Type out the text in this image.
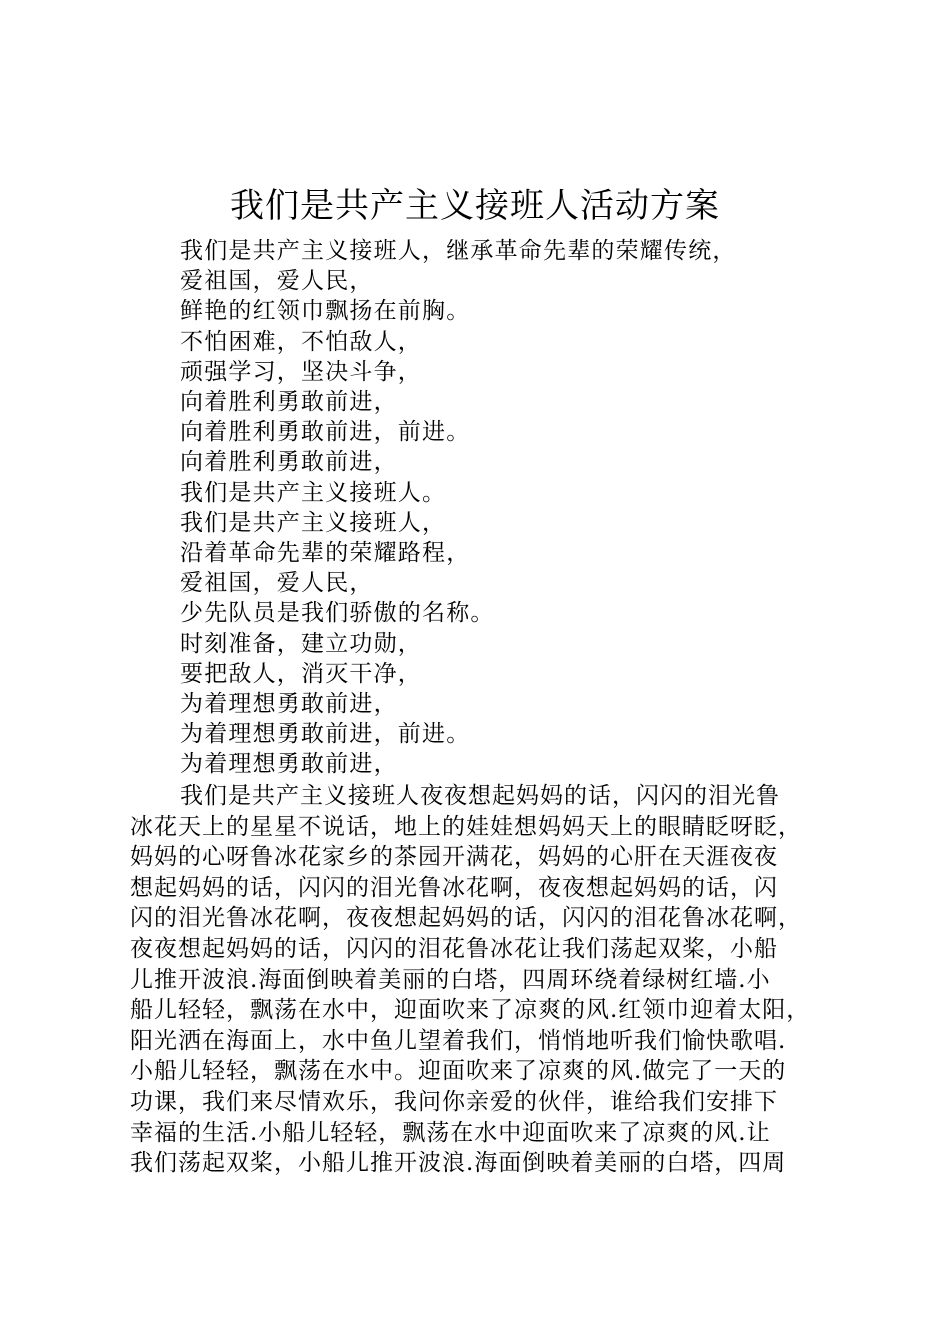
我们是共产主义接班人活动方案
我们是共产主义接班人，继承革命先辈的荣耀传统，
爱祖国，爱人民，
鲜艳的红领巾飘扬在前胸。
不怕困难，不怕敌人，
顽强学习，坚决斗争，
向着胜利勇敢前进，
向着胜利勇敢前进，前进。
向着胜利勇敢前进，
我们是共产主义接班人。
我们是共产主义接班人，
沿着革命先辈的荣耀路程，
爱祖国，爱人民，
少先队员是我们骄傲的名称。
时刻准备，建立功勋，
要把敌人，消灭干净，
为着理想勇敢前进，
为着理想勇敢前进，前进。
为着理想勇敢前进，
我们是共产主义接班人夜夜想起妈妈的话，闪闪的泪光鲁
冰花天上的星星不说话，地上的娃娃想妈妈天上的眼睛眨呀眨，
妈妈的心呀鲁冰花家乡的茶园开满花，妈妈的心肝在天涯夜夜
想起妈妈的话，闪闪的泪光鲁冰花啊，夜夜想起妈妈的话，闪
闪的泪光鲁冰花啊，夜夜想起妈妈的话，闪闪的泪花鲁冰花啊，
夜夜想起妈妈的话，闪闪的泪花鲁冰花让我们荡起双桨，小船
儿推开波浪.海面倒映着美丽的白塔，四周环绕着绿树红墙.小
船儿轻轻，飘荡在水中，迎面吹来了凉爽的风.红领巾迎着太阳，
阳光洒在海面上，水中鱼儿望着我们，悄悄地听我们愉快歌唱.
小船儿轻轻，飘荡在水中。迎面吹来了凉爽的风.做完了一天的
功课，我们来尽情欢乐，我问你亲爱的伙伴，谁给我们安排下
幸福的生活.小船儿轻轻，飘荡在水中迎面吹来了凉爽的风.让
我们荡起双桨，小船儿推开波浪.海面倒映着美丽的白塔，四周
